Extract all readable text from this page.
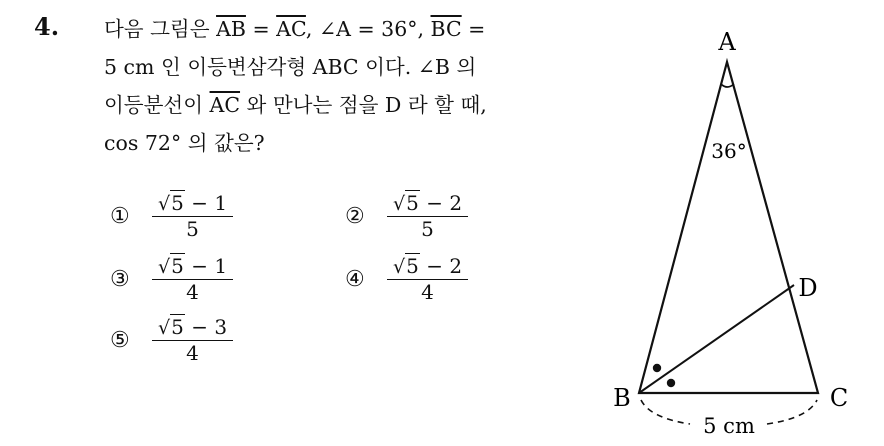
4. 다음 그림은 $\overline{AB} = \overline{AC}$, ∠A = 36°, $\overline{BC}$ =
5 cm 인 이등변삼각형 ABC 이다. ∠B 의
이등분선이 $\overline{AC}$ 와 만나는 점을 D 라 할 때,
cos 72° 의 값은?
①	$\frac{√5 - 1}{5}$	②	$\frac{√5 - 2}{5}$
③	$\frac{√5 - 1}{4}$	④	$\frac{√5 - 2}{4}$
⑤	$\frac{√5 - 3}{4}$
A
B	C
D
36°
5 cm
